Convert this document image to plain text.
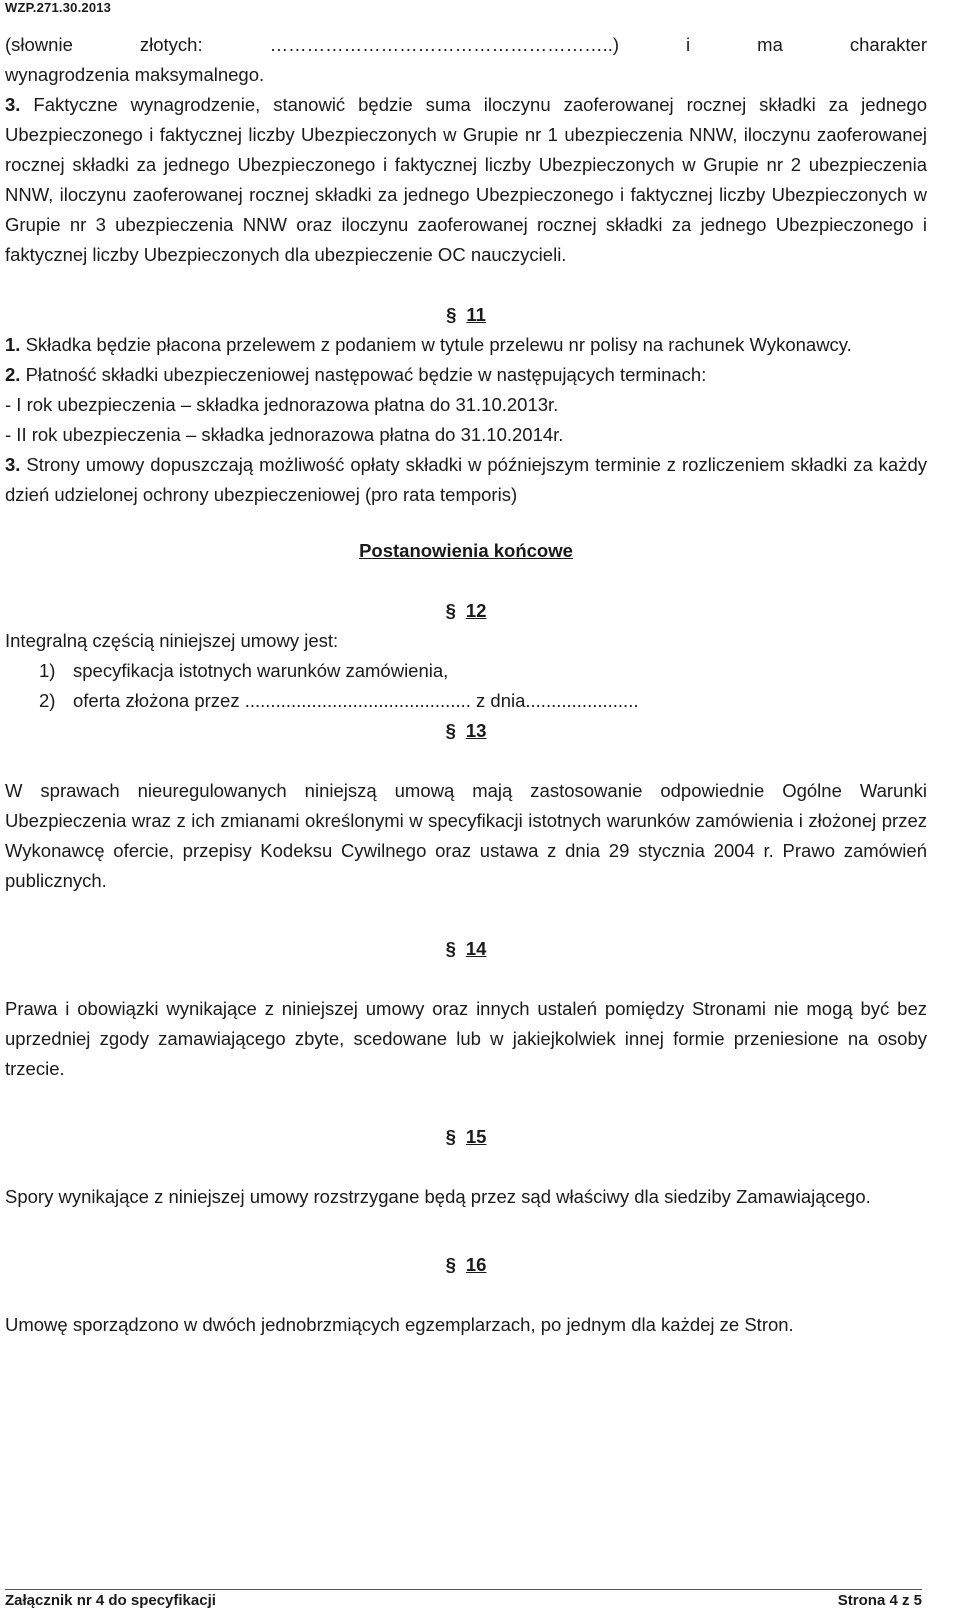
WZP.271.30.2013

(słownie złotych: ………………………………………………..) i ma charakter

wynagrodzenia maksymalnego.

3. Faktyczne wynagrodzenie, stanowić będzie suma iloczynu zaoferowanej rocznej składki za jednego Ubezpieczonego i faktycznej liczby Ubezpieczonych w Grupie nr 1 ubezpieczenia NNW, iloczynu zaoferowanej rocznej składki za jednego Ubezpieczonego i faktycznej liczby Ubezpieczonych w Grupie nr 2 ubezpieczenia NNW, iloczynu zaoferowanej rocznej składki za jednego Ubezpieczonego i faktycznej liczby Ubezpieczonych w Grupie nr 3 ubezpieczenia NNW oraz iloczynu zaoferowanej rocznej składki za jednego Ubezpieczonego i faktycznej liczby Ubezpieczonych dla ubezpieczenie OC nauczycieli.

§ 11

1. Składka będzie płacona przelewem z podaniem w tytule przelewu nr polisy na rachunek Wykonawcy.

2. Płatność składki ubezpieczeniowej następować będzie w następujących terminach:

- I rok ubezpieczenia – składka jednorazowa płatna do 31.10.2013r.

- II rok ubezpieczenia – składka jednorazowa płatna do 31.10.2014r.

3. Strony umowy dopuszczają możliwość opłaty składki w późniejszym terminie z rozliczeniem składki za każdy dzień udzielonej ochrony ubezpieczeniowej (pro rata temporis)

Postanowienia końcowe

§ 12

Integralną częścią niniejszej umowy jest:

1) specyfikacja istotnych warunków zamówienia,

2) oferta złożona przez ............................................ z dnia......................

§ 13

W sprawach nieuregulowanych niniejszą umową mają zastosowanie odpowiednie Ogólne Warunki Ubezpieczenia wraz z ich zmianami określonymi w specyfikacji istotnych warunków zamówienia i złożonej przez Wykonawcę ofercie, przepisy Kodeksu Cywilnego oraz ustawa z dnia 29 stycznia 2004 r. Prawo zamówień publicznych.

§ 14

Prawa i obowiązki wynikające z niniejszej umowy oraz innych ustaleń pomiędzy Stronami nie mogą być bez uprzedniej zgody zamawiającego zbyte, scedowane lub w jakiejkolwiek innej formie przeniesione na osoby trzecie.

§ 15

Spory wynikające z niniejszej umowy rozstrzygane będą przez sąd właściwy dla siedziby Zamawiającego.

§ 16

Umowę sporządzono w dwóch jednobrzmiących egzemplarzach, po jednym dla każdej ze Stron.

Załącznik nr 4 do specyfikacji	Strona 4 z 5
